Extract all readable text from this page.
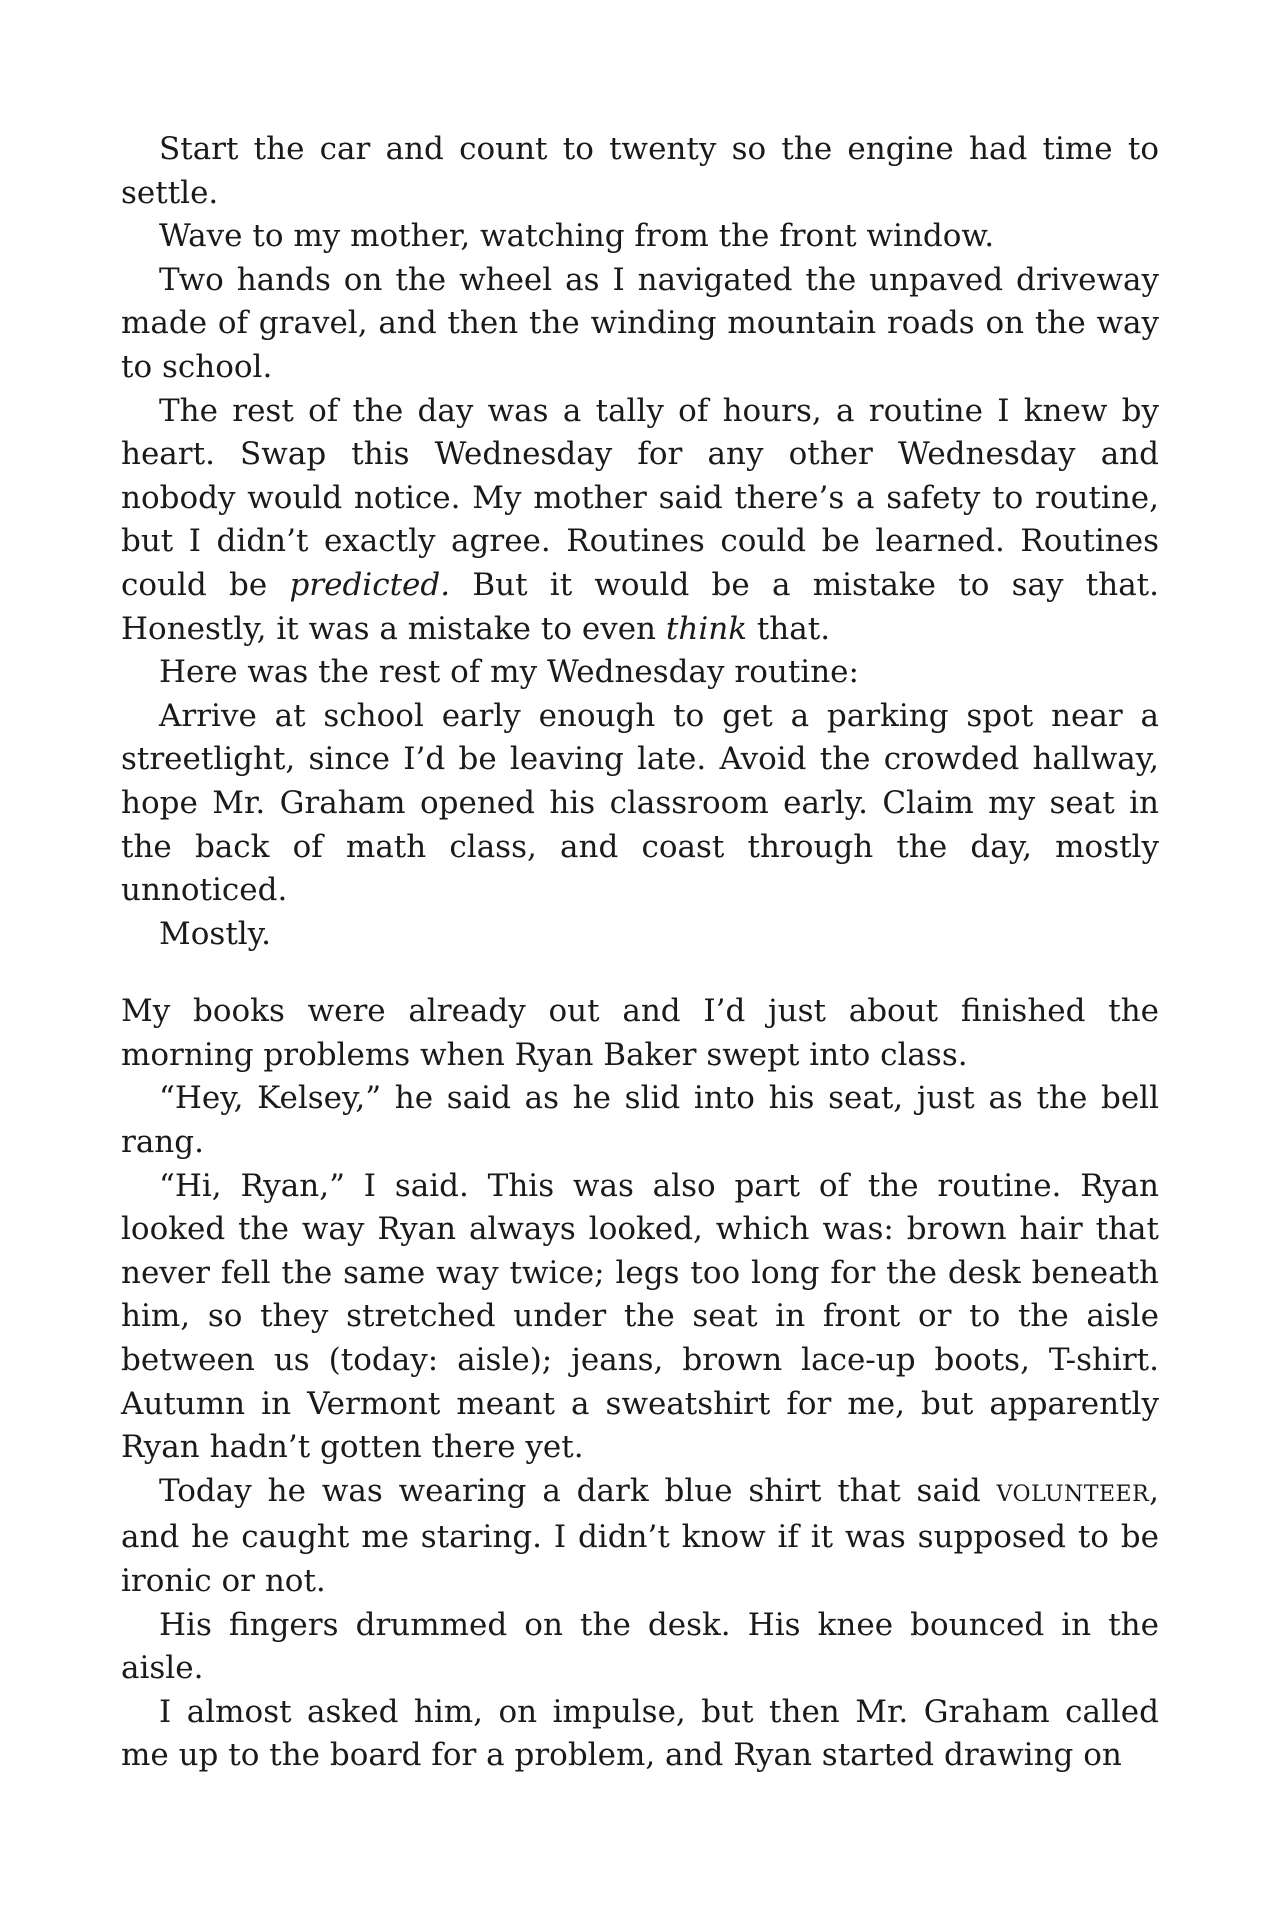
Start the car and count to twenty so the engine had time to settle.

Wave to my mother, watching from the front window.

Two hands on the wheel as I navigated the unpaved driveway made of gravel, and then the winding mountain roads on the way to school.

The rest of the day was a tally of hours, a routine I knew by heart. Swap this Wednesday for any other Wednesday and nobody would notice. My mother said there’s a safety to routine, but I didn’t exactly agree. Routines could be learned. Routines could be predicted. But it would be a mistake to say that. Honestly, it was a mistake to even think that.

Here was the rest of my Wednesday routine:

Arrive at school early enough to get a parking spot near a streetlight, since I’d be leaving late. Avoid the crowded hallway, hope Mr. Graham opened his classroom early. Claim my seat in the back of math class, and coast through the day, mostly unnoticed.

Mostly.

My books were already out and I’d just about finished the morning problems when Ryan Baker swept into class.

“Hey, Kelsey,” he said as he slid into his seat, just as the bell rang.

“Hi, Ryan,” I said. This was also part of the routine. Ryan looked the way Ryan always looked, which was: brown hair that never fell the same way twice; legs too long for the desk beneath him, so they stretched under the seat in front or to the aisle between us (today: aisle); jeans, brown lace-up boots, T-shirt. Autumn in Vermont meant a sweatshirt for me, but apparently Ryan hadn’t gotten there yet.

Today he was wearing a dark blue shirt that said VOLUNTEER, and he caught me staring. I didn’t know if it was supposed to be ironic or not.

His fingers drummed on the desk. His knee bounced in the aisle.

I almost asked him, on impulse, but then Mr. Graham called me up to the board for a problem, and Ryan started drawing on
